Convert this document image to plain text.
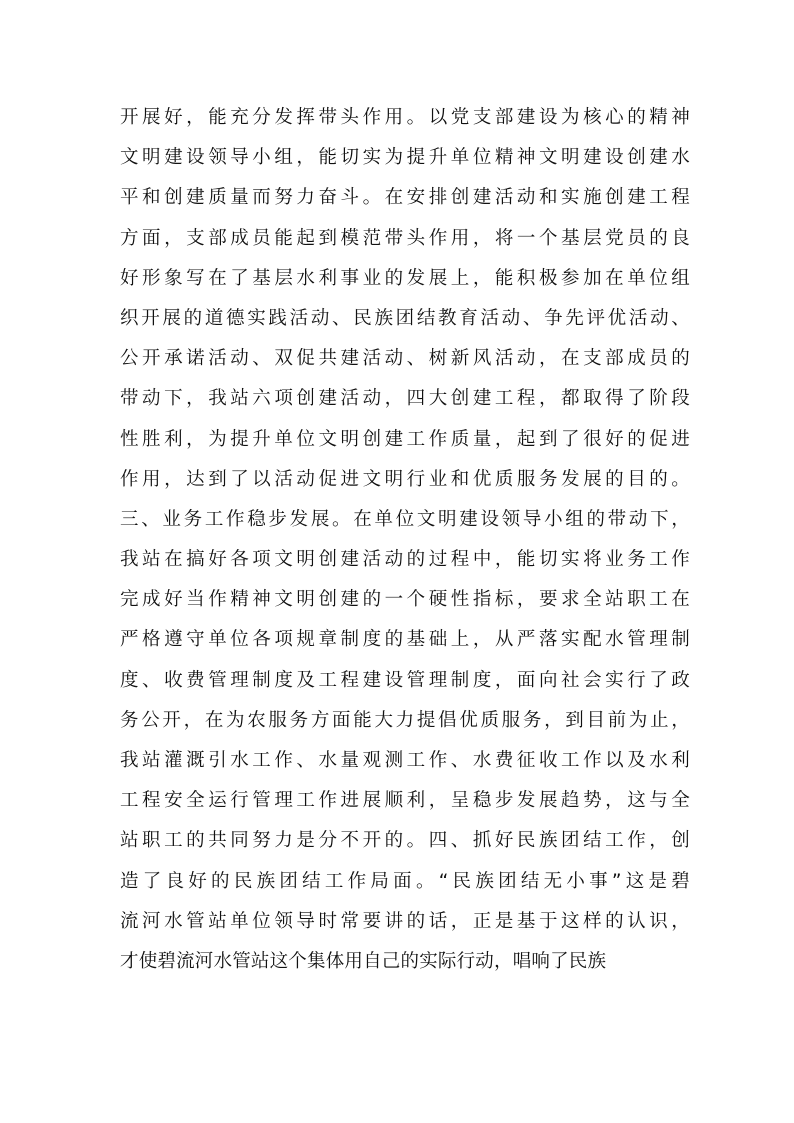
开展好，能充分发挥带头作用。以党支部建设为核心的精神
文明建设领导小组，能切实为提升单位精神文明建设创建水
平和创建质量而努力奋斗。在安排创建活动和实施创建工程
方面，支部成员能起到模范带头作用，将一个基层党员的良
好形象写在了基层水利事业的发展上，能积极参加在单位组
织开展的道德实践活动、民族团结教育活动、争先评优活动、
公开承诺活动、双促共建活动、树新风活动，在支部成员的
带动下，我站六项创建活动，四大创建工程，都取得了阶段
性胜利，为提升单位文明创建工作质量，起到了很好的促进
作用，达到了以活动促进文明行业和优质服务发展的目的。
三、业务工作稳步发展。在单位文明建设领导小组的带动下，
我站在搞好各项文明创建活动的过程中，能切实将业务工作
完成好当作精神文明创建的一个硬性指标，要求全站职工在
严格遵守单位各项规章制度的基础上，从严落实配水管理制
度、收费管理制度及工程建设管理制度，面向社会实行了政
务公开，在为农服务方面能大力提倡优质服务，到目前为止，
我站灌溉引水工作、水量观测工作、水费征收工作以及水利
工程安全运行管理工作进展顺利，呈稳步发展趋势，这与全
站职工的共同努力是分不开的。四、抓好民族团结工作，创
造了良好的民族团结工作局面。“民族团结无小事”这是碧
流河水管站单位领导时常要讲的话，正是基于这样的认识，
才使碧流河水管站这个集体用自己的实际行动，唱响了民族
